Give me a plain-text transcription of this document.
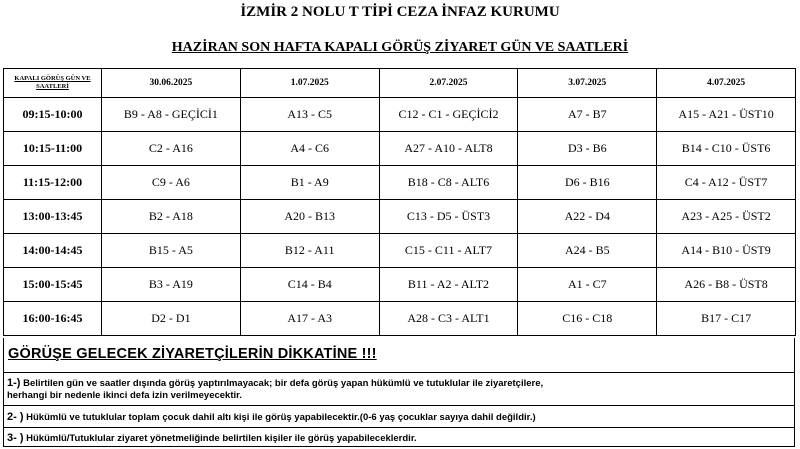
İZMİR 2 NOLU T TİPİ CEZA İNFAZ KURUMU
HAZİRAN SON HAFTA KAPALI GÖRÜŞ ZİYARET GÜN VE SAATLERİ
KAPALI GÖRÜŞ GÜN VE SAATLERİ	30.06.2025	1.07.2025	2.07.2025	3.07.2025	4.07.2025
09:15-10:00	B9 - A8 - GEÇİCİ1	A13 - C5	C12 - C1 - GEÇİCİ2	A7 - B7	A15 - A21 - ÜST10
10:15-11:00	C2 - A16	A4 - C6	A27 - A10 - ALT8	D3 - B6	B14 - C10 - ÜST6
11:15-12:00	C9 - A6	B1 - A9	B18 - C8 - ALT6	D6 - B16	C4 - A12 - ÜST7
13:00-13:45	B2 - A18	A20 - B13	C13 - D5 - ÜST3	A22 - D4	A23 - A25 - ÜST2
14:00-14:45	B15 - A5	B12 - A11	C15 - C11 - ALT7	A24 - B5	A14 - B10 - ÜST9
15:00-15:45	B3 - A19	C14 - B4	B11 - A2 - ALT2	A1 - C7	A26 - B8 - ÜST8
16:00-16:45	D2 - D1	A17 - A3	A28 - C3 - ALT1	C16 - C18	B17 - C17
GÖRÜŞE GELECEK ZİYARETÇİLERİN DİKKATİNE !!!
1-) Belirtilen gün ve saatler dışında görüş yaptırılmayacak; bir defa görüş yapan hükümlü ve tutuklular ile ziyaretçilere,
herhangi bir nedenle ikinci defa izin verilmeyecektir.
2- ) Hükümlü ve tutuklular toplam çocuk dahil altı kişi ile görüş yapabilecektir.(0-6 yaş çocuklar sayıya dahil değildir.)
3- ) Hükümlü/Tutuklular ziyaret yönetmeliğinde belirtilen kişiler ile görüş yapabileceklerdir.
